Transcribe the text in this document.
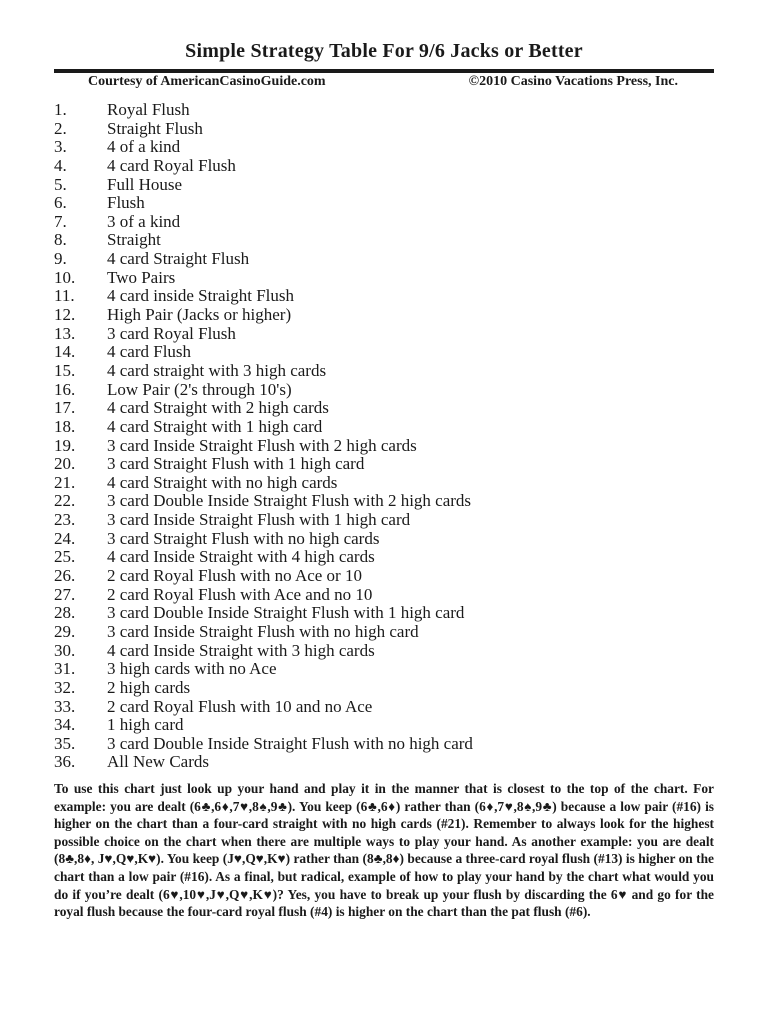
Simple Strategy Table For 9/6 Jacks or Better
Courtesy of AmericanCasinoGuide.com	©2010 Casino Vacations Press, Inc.
1. Royal Flush
2. Straight Flush
3. 4 of a kind
4. 4 card Royal Flush
5. Full House
6. Flush
7. 3 of a kind
8. Straight
9. 4 card Straight Flush
10. Two Pairs
11. 4 card inside Straight Flush
12. High Pair (Jacks or higher)
13. 3 card Royal Flush
14. 4 card Flush
15. 4 card straight with 3 high cards
16. Low Pair (2's through 10's)
17. 4 card Straight with 2 high cards
18. 4 card Straight with 1 high card
19. 3 card Inside Straight Flush with 2 high cards
20. 3 card Straight Flush with 1 high card
21. 4 card Straight with no high cards
22. 3 card Double Inside Straight Flush with 2 high cards
23. 3 card Inside Straight Flush with 1 high card
24. 3 card Straight Flush with no high cards
25. 4 card Inside Straight with 4 high cards
26. 2 card Royal Flush with no Ace or 10
27. 2 card Royal Flush with Ace and no 10
28. 3 card Double Inside Straight Flush with 1 high card
29. 3 card Inside Straight Flush with no high card
30. 4 card Inside Straight with 3 high cards
31. 3 high cards with no Ace
32. 2 high cards
33. 2 card Royal Flush with 10 and no Ace
34. 1 high card
35. 3 card Double Inside Straight Flush with no high card
36. All New Cards

To use this chart just look up your hand and play it in the manner that is closest to the top of the chart. For example: you are dealt (6♣,6♦,7♥,8♠,9♣). You keep (6♣,6♦) rather than (6♦,7♥,8♠,9♣) because a low pair (#16) is higher on the chart than a four-card straight with no high cards (#21). Remember to always look for the highest possible choice on the chart when there are multiple ways to play your hand. As another example: you are dealt (8♣,8♦, J♥,Q♥,K♥). You keep (J♥,Q♥,K♥) rather than (8♣,8♦) because a three-card royal flush (#13) is higher on the chart than a low pair (#16). As a final, but radical, example of how to play your hand by the chart what would you do if you’re dealt (6♥,10♥,J♥,Q♥,K♥)? Yes, you have to break up your flush by discarding the 6♥ and go for the royal flush because the four-card royal flush (#4) is higher on the chart than the pat flush (#6).
